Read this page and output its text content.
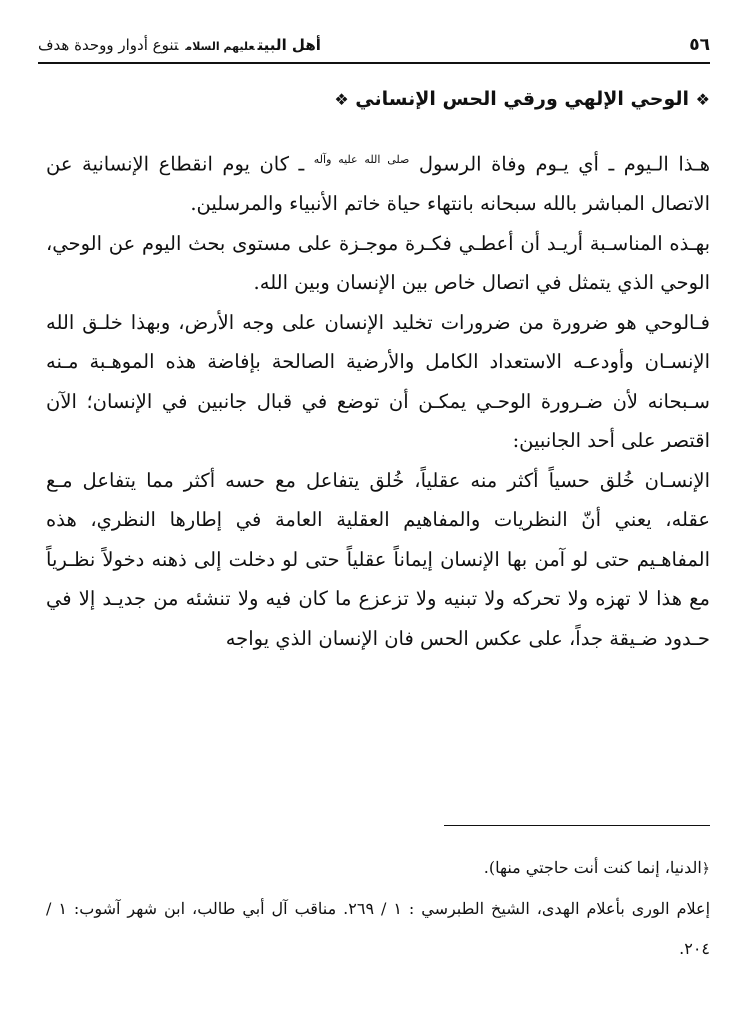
٥٦
أهل البيتعليهم السلامتنوع أدوار ووحدة هدف
❖ الوحي الإلهي ورقي الحس الإنساني ❖

هـذا الـيوم ـ أي يـوم وفاة الرسول $^{صلى الله عليه وآله}$ ـ كان يوم انقطاع الإنسانية عن الاتصال المباشر بالله سبحانه بانتهاء حياة خاتم الأنبياء والمرسلين.

بهـذه المناسـبة أريـد أن أعطـي فكـرة موجـزة على مستوى بحث اليوم عن الوحي، الوحي الذي يتمثل في اتصال خاص بين الإنسان وبين الله.

فـالوحي هو ضرورة من ضرورات تخليد الإنسان على وجه الأرض، وبهذا خلـق الله الإنسـان وأودعـه الاستعداد الكامل والأرضية الصالحة بإفاضة هذه الموهـبة مـنه سـبحانه لأن ضـرورة الوحـي يمكـن أن توضع في قبال جانبين في الإنسان؛ الآن اقتصر على أحد الجانبين:

الإنسـان خُلق حسياً أكثر منه عقلياً، خُلق يتفاعل مع حسه أكثر مما يتفاعل مـع عقله، يعني أنّ النظريات والمفاهيم العقلية العامة في إطارها النظري، هذه المفاهـيم حتى لو آمن بها الإنسان إيماناً عقلياً حتى لو دخلت إلى ذهنه دخولاً نظـرياً مع هذا لا تهزه ولا تحركه ولا تبنيه ولا تزعزع ما كان فيه ولا تنشئه من جديـد إلا في حـدود ضـيقة جداً، على عكس الحس فان الإنسان الذي يواجه

﴿الدنيا، إنما كنت أنت حاجتي منها).

إعلام الورى بأعلام الهدى، الشيخ الطبرسي : ١ / ٢٦٩. مناقب آل أبي طالب، ابن شهر آشوب: ١ / ٢٠٤.
